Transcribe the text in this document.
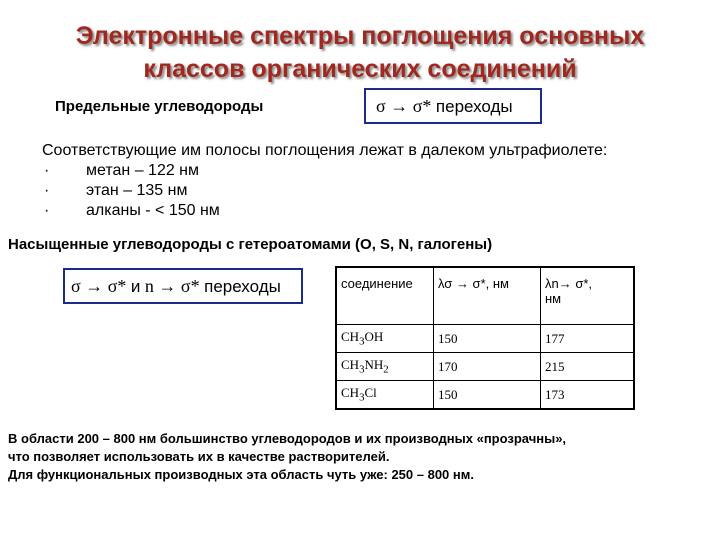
Электронные спектры поглощения основных
классов органических соединений
Предельные углеводороды	σ → σ* переходы
Соответствующие им полосы поглощения лежат в далеком ультрафиолете:
· метан – 122 нм
· этан – 135 нм
· алканы - < 150 нм
Насыщенные углеводороды с гетероатомами (O, S, N, галогены)
σ → σ* и n → σ* переходы	соединение	λσ → σ*, нм	λn→ σ*,
нм

$CH_3OH$	150	177
$CH_3NH_2$	170	215
$CH_3Cl$	150	173
В области 200 – 800 нм большинство углеводородов и их производных «прозрачны»,
что позволяет использовать их в качестве растворителей.
Для функциональных производных эта область чуть уже: 250 – 800 нм.
